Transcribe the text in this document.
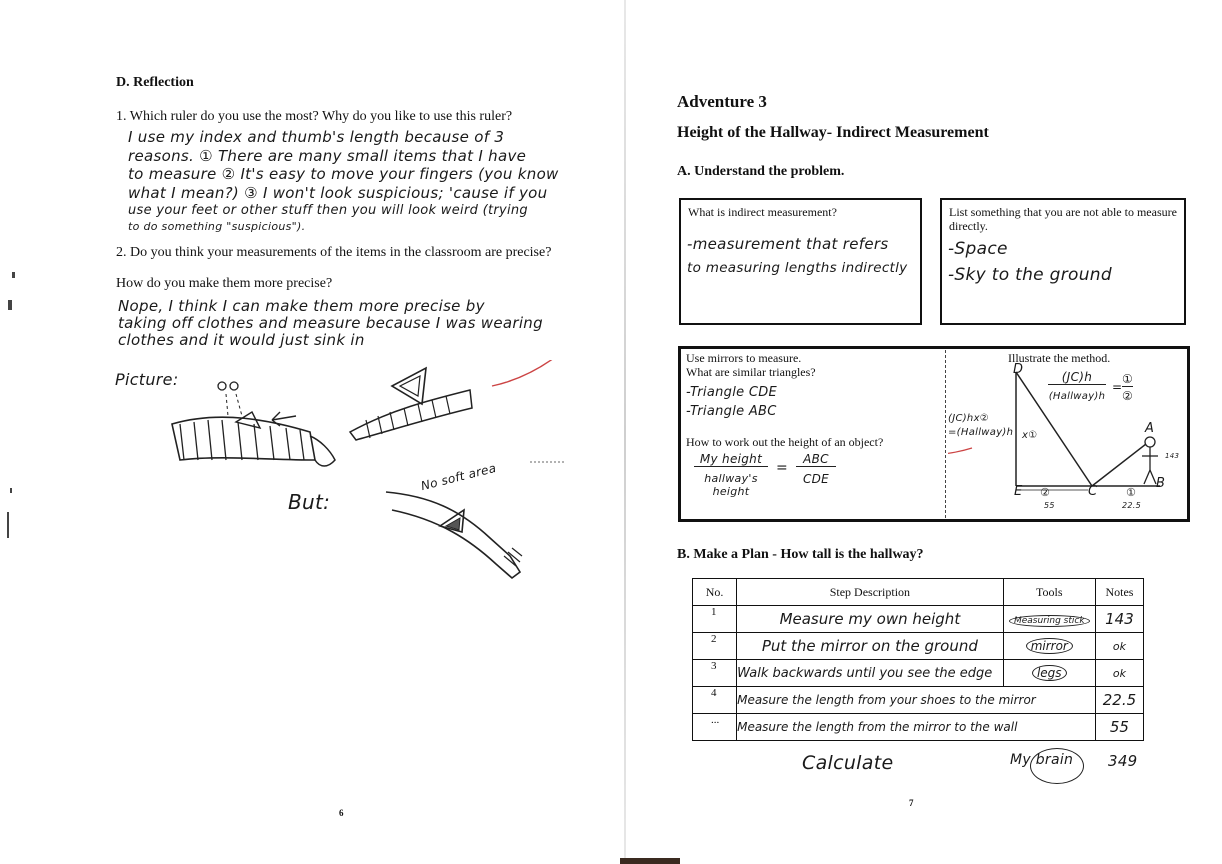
D. Reflection
1. Which ruler do you use the most? Why do you like to use this ruler?
I use my index and thumb's length because of 3
reasons. ① There are many small items that I have
to measure ② It's easy to move your fingers (you know
what I mean?) ③ I won't look suspicious; 'cause if you
use your feet or other stuff then you will look weird (trying
to do something "suspicious").
2. Do you think your measurements of the items in the classroom are precise?
How do you make them more precise?
Nope, I think I can make them more precise by
taking off clothes and measure because I was wearing
clothes and it would just sink in
Picture:
But:
No soft area
6
Adventure 3
Height of the Hallway- Indirect Measurement
A. Understand the problem.
What is indirect measurement?
-measurement that refers
to measuring lengths indirectly
List something that you are not able to measure directly.
-Space
-Sky to the ground
Use mirrors to measure.
What are similar triangles?
-Triangle CDE
-Triangle ABC
How to work out the height of an object?
My height
hallway's height
=
ABC
CDE
Illustrate the method.
D
A
E	C
B
(JC)h
(Hallway)h
=
①
②
(JC)hx②
=(Hallway)h x①
②	①
143
55	22.5
B. Make a Plan - How tall is the hallway?
No.	Step Description	Tools	Notes
1	Measure my own height	Measuring stick	143
2	Put the mirror on the ground	mirror	ok
3	Walk backwards until you see the edge	legs	ok
4	Measure the length from your shoes to the mirror		22.5
...	Measure the length from the mirror to the wall		55
Calculate	My brain 349
7
